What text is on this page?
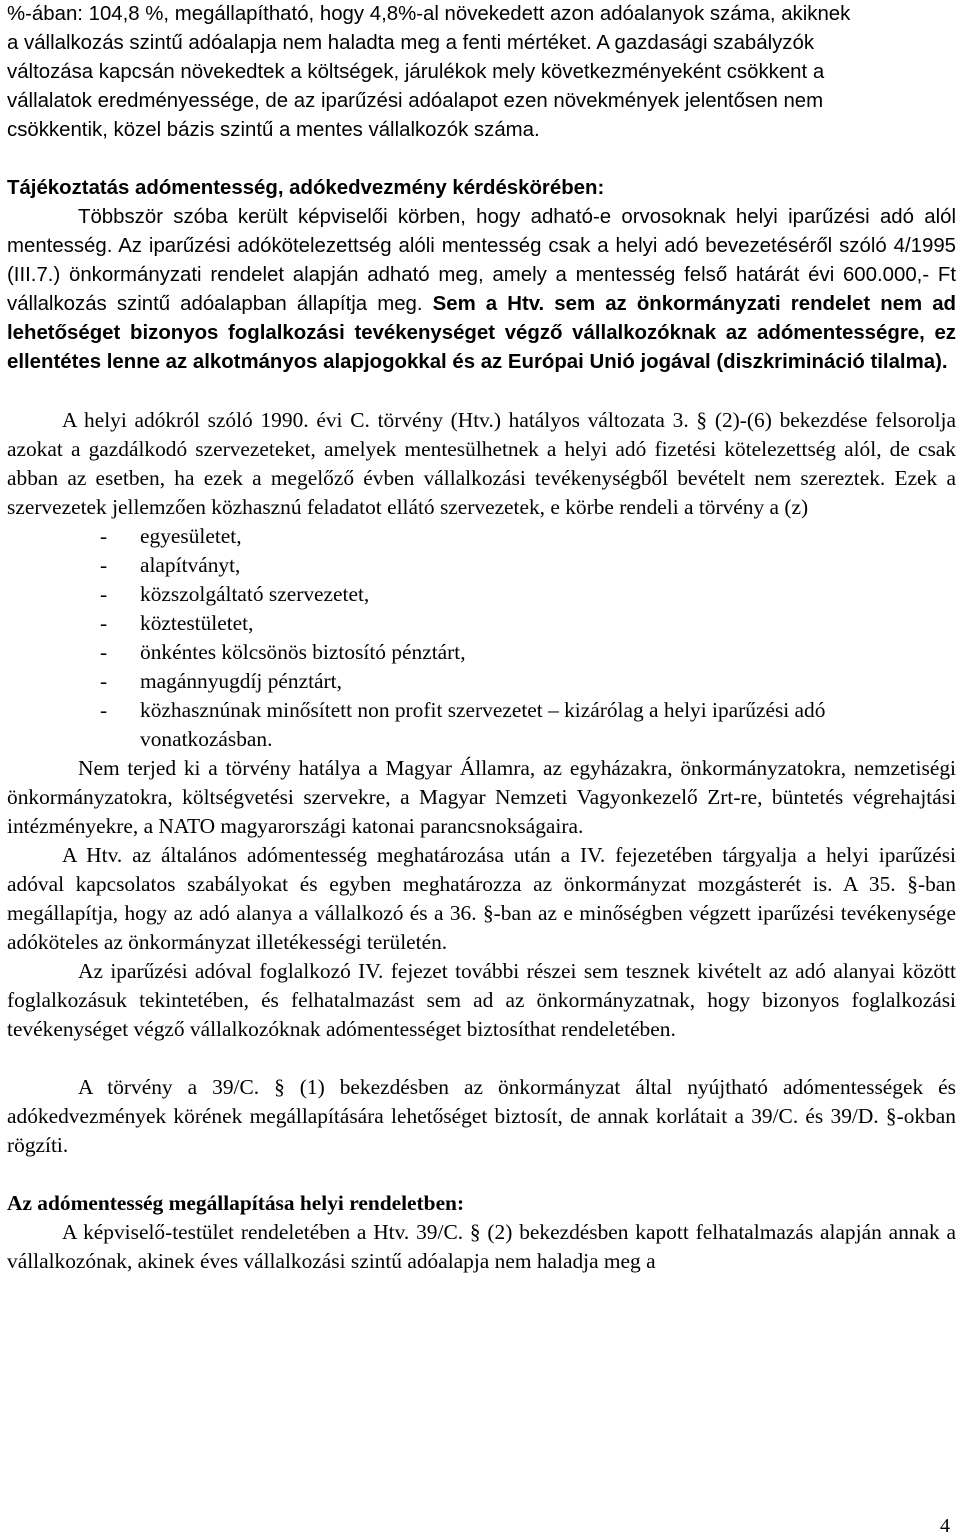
%-ában: 104,8 %, megállapítható, hogy 4,8%-al növekedett azon adóalanyok száma, akiknek

a vállalkozás szintű adóalapja nem haladta meg a fenti mértéket. A gazdasági szabályzók

változása kapcsán növekedtek a költségek, járulékok mely következményeként csökkent a

vállalatok eredményessége, de az iparűzési adóalapot ezen növekmények jelentősen nem

csökkentik, közel bázis szintű a mentes vállalkozók száma.

Tájékoztatás adómentesség, adókedvezmény kérdéskörében:

Többször szóba került képviselői körben, hogy adható-e orvosoknak helyi iparűzési adó alól mentesség. Az iparűzési adókötelezettség alóli mentesség csak a helyi adó bevezetéséről szóló 4/1995 (III.7.) önkormányzati rendelet alapján adható meg, amely a mentesség felső határát évi 600.000,- Ft vállalkozás szintű adóalapban állapítja meg. Sem a Htv. sem az önkormányzati rendelet nem ad lehetőséget bizonyos foglalkozási tevékenységet végző vállalkozóknak az adómentességre, ez ellentétes lenne az alkotmányos alapjogokkal és az Európai Unió jogával (diszkrimináció tilalma).

A helyi adókról szóló 1990. évi C. törvény (Htv.) hatályos változata 3. § (2)-(6) bekezdése felsorolja azokat a gazdálkodó szervezeteket, amelyek mentesülhetnek a helyi adó fizetési kötelezettség alól, de csak abban az esetben, ha ezek a megelőző évben vállalkozási tevékenységből bevételt nem szereztek. Ezek a szervezetek jellemzően közhasznú feladatot ellátó szervezetek, e körbe rendeli a törvény a (z)

- egyesületet,
- alapítványt,
- közszolgáltató szervezetet,
- köztestületet,
- önkéntes kölcsönös biztosító pénztárt,
- magánnyugdíj pénztárt,
- közhasznúnak minősített non profit szervezetet – kizárólag a helyi iparűzési adó vonatkozásban.

Nem terjed ki a törvény hatálya a Magyar Államra, az egyházakra, önkormányzatokra, nemzetiségi önkormányzatokra, költségvetési szervekre, a Magyar Nemzeti Vagyonkezelő Zrt-re, büntetés végrehajtási intézményekre, a NATO magyarországi katonai parancsnokságaira.

A Htv. az általános adómentesség meghatározása után a IV. fejezetében tárgyalja a helyi iparűzési adóval kapcsolatos szabályokat és egyben meghatározza az önkormányzat mozgásterét is. A 35. §-ban megállapítja, hogy az adó alanya a vállalkozó és a 36. §-ban az e minőségben végzett iparűzési tevékenysége adóköteles az önkormányzat illetékességi területén.

Az iparűzési adóval foglalkozó IV. fejezet további részei sem tesznek kivételt az adó alanyai között foglalkozásuk tekintetében, és felhatalmazást sem ad az önkormányzatnak, hogy bizonyos foglalkozási tevékenységet végző vállalkozóknak adómentességet biztosíthat rendeletében.

A törvény a 39/C. § (1) bekezdésben az önkormányzat által nyújtható adómentességek és adókedvezmények körének megállapítására lehetőséget biztosít, de annak korlátait a 39/C. és 39/D. §-okban rögzíti.

Az adómentesség megállapítása helyi rendeletben:

A képviselő-testület rendeletében a Htv. 39/C. § (2) bekezdésben kapott felhatalmazás alapján annak a vállalkozónak, akinek éves vállalkozási szintű adóalapja nem haladja meg a

4
